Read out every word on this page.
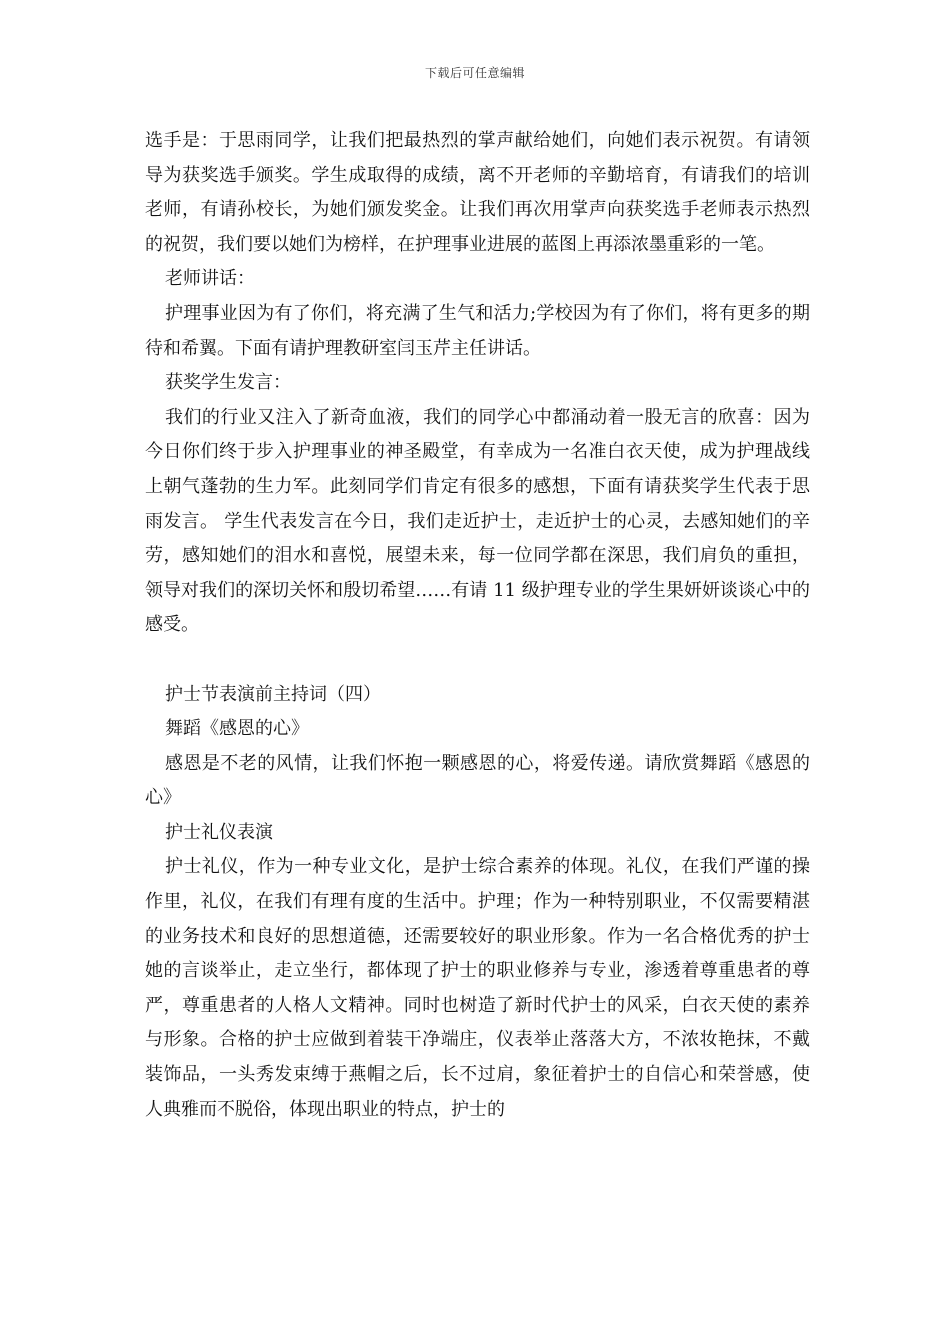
下载后可任意编辑

选手是：于思雨同学，让我们把最热烈的掌声献给她们，向她们表示祝贺。有请领导为获奖选手颁奖。学生成取得的成绩，离不开老师的辛勤培育，有请我们的培训老师，有请孙校长，为她们颁发奖金。让我们再次用掌声向获奖选手老师表示热烈的祝贺，我们要以她们为榜样，在护理事业进展的蓝图上再添浓墨重彩的一笔。

老师讲话：

护理事业因为有了你们，将充满了生气和活力;学校因为有了你们，将有更多的期待和希翼。下面有请护理教研室闫玉芹主任讲话。

获奖学生发言：

我们的行业又注入了新奇血液，我们的同学心中都涌动着一股无言的欣喜：因为今日你们终于步入护理事业的神圣殿堂，有幸成为一名准白衣天使，成为护理战线上朝气蓬勃的生力军。此刻同学们肯定有很多的感想，下面有请获奖学生代表于思雨发言。 学生代表发言在今日，我们走近护士，走近护士的心灵，去感知她们的辛劳，感知她们的泪水和喜悦，展望未来，每一位同学都在深思，我们肩负的重担，领导对我们的深切关怀和殷切希望……有请 11 级护理专业的学生果妍妍谈谈心中的感受。

护士节表演前主持词（四）

舞蹈《感恩的心》

感恩是不老的风情，让我们怀抱一颗感恩的心，将爱传递。请欣赏舞蹈《感恩的心》

护士礼仪表演

护士礼仪，作为一种专业文化，是护士综合素养的体现。礼仪，在我们严谨的操作里，礼仪，在我们有理有度的生活中。护理；作为一种特别职业，不仅需要精湛的业务技术和良好的思想道德，还需要较好的职业形象。作为一名合格优秀的护士她的言谈举止，走立坐行，都体现了护士的职业修养与专业，渗透着尊重患者的尊严，尊重患者的人格人文精神。同时也树造了新时代护士的风采，白衣天使的素养与形象。合格的护士应做到着装干净端庄，仪表举止落落大方，不浓妆艳抹，不戴装饰品，一头秀发束缚于燕帽之后，长不过肩，象征着护士的自信心和荣誉感，使人典雅而不脱俗，体现出职业的特点，护士的
